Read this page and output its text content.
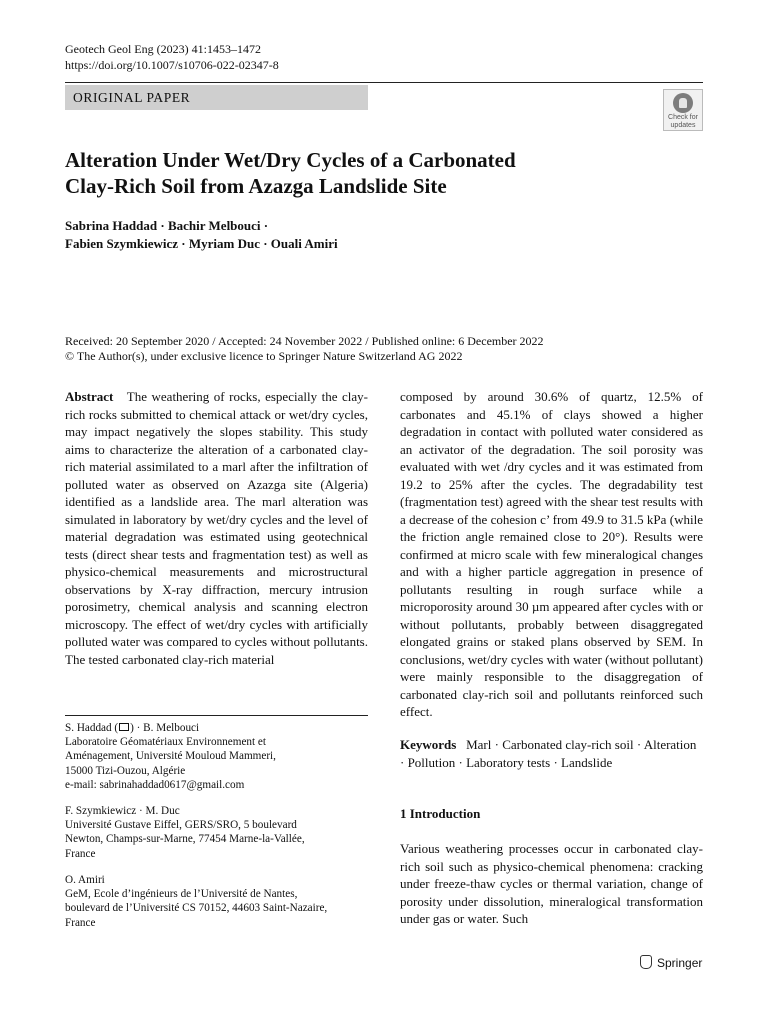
Geotech Geol Eng (2023) 41:1453–1472
https://doi.org/10.1007/s10706-022-02347-8
ORIGINAL PAPER
Check for
updates
Alteration Under Wet/Dry Cycles of a Carbonated
Clay-Rich Soil from Azazga Landslide Site
Sabrina Haddad · Bachir Melbouci ·
Fabien Szymkiewicz · Myriam Duc · Ouali Amiri
Received: 20 September 2020 / Accepted: 24 November 2022 / Published online: 6 December 2022
© The Author(s), under exclusive licence to Springer Nature Switzerland AG 2022
Abstract The weathering of rocks, especially the clay-rich rocks submitted to chemical attack or wet/dry cycles, may impact negatively the slopes stability. This study aims to characterize the alteration of a carbonated clay-rich material assimilated to a marl after the infiltration of polluted water as observed on Azazga site (Algeria) identified as a landslide area. The marl alteration was simulated in laboratory by wet/dry cycles and the level of material degradation was estimated using geotechnical tests (direct shear tests and fragmentation test) as well as physico-chemical measurements and microstructural observations by X-ray diffraction, mercury intrusion porosimetry, chemical analysis and scanning electron microscopy. The effect of wet/dry cycles with artificially polluted water was compared to cycles without pollutants. The tested carbonated clay-rich material
composed by around 30.6% of quartz, 12.5% of carbonates and 45.1% of clays showed a higher degradation in contact with polluted water considered as an activator of the degradation. The soil porosity was evaluated with wet /dry cycles and it was estimated from 19.2 to 25% after the cycles. The degradability test (fragmentation test) agreed with the shear test results with a decrease of the cohesion c’ from 49.9 to 31.5 kPa (while the friction angle remained close to 20°). Results were confirmed at micro scale with few mineralogical changes and with a higher particle aggregation in presence of pollutants resulting in rough surface while a microporosity around 30 µm appeared after cycles with or without pollutants, probably between disaggregated elongated grains or staked plans observed by SEM. In conclusions, wet/dry cycles with water (without pollutant) were mainly responsible to the disaggregation of carbonated clay-rich soil and pollutants reinforced such effect.
Keywords Marl · Carbonated clay-rich soil · Alteration · Pollution · Laboratory tests · Landslide
1 Introduction
Various weathering processes occur in carbonated clay-rich soil such as physico-chemical phenomena: cracking under freeze-thaw cycles or thermal variation, change of porosity under dissolution, mineralogical transformation under gas or water. Such

S. Haddad ( ) · B. Melbouci

Laboratoire Géomatériaux Environnement et

Aménagement, Université Mouloud Mammeri,

15000 Tizi-Ouzou, Algérie

e-mail: sabrinahaddad0617@gmail.com

F. Szymkiewicz · M. Duc

Université Gustave Eiffel, GERS/SRO, 5 boulevard

Newton, Champs-sur-Marne, 77454 Marne-la-Vallée,

France

O. Amiri

GeM, Ecole d’ingénieurs de l’Université de Nantes,

boulevard de l’Université CS 70152, 44603 Saint-Nazaire,

France

Springer
